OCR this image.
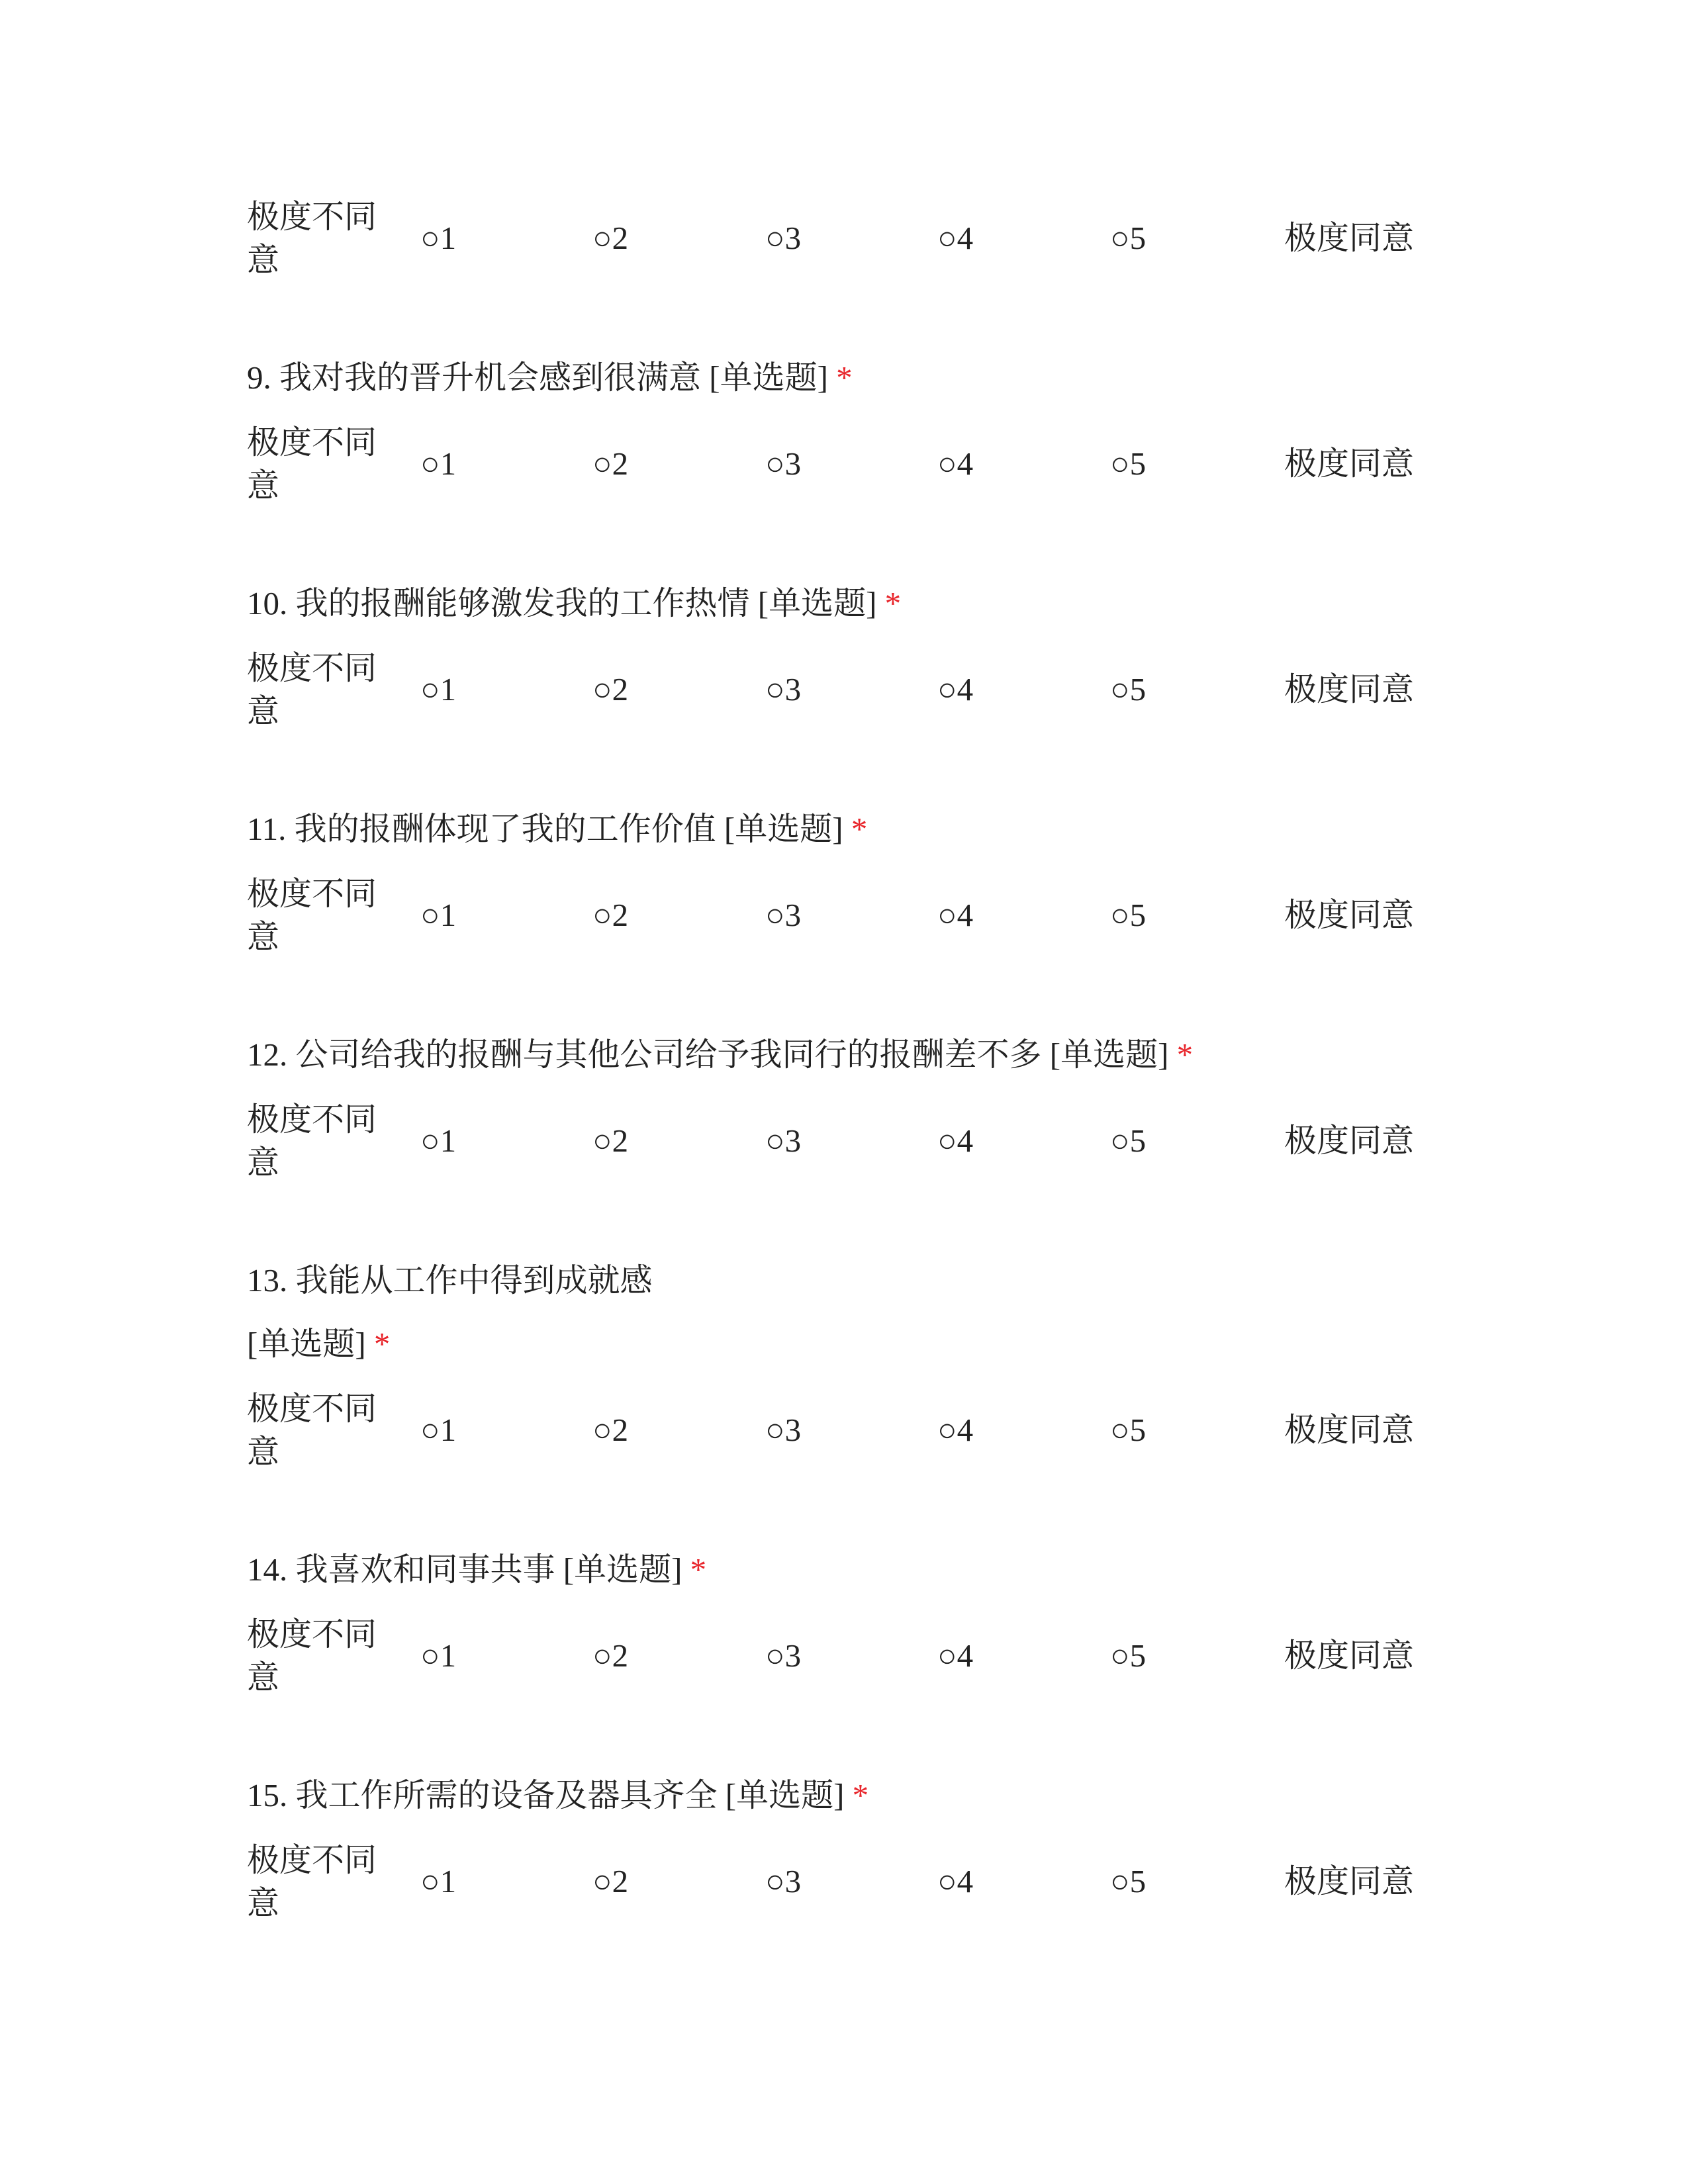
极度不同意
○1	○2	○3	○4	○5	极度同意
9. 我对我的晋升机会感到很满意 [单选题] *
极度不同意
○1	○2	○3	○4	○5	极度同意
10. 我的报酬能够激发我的工作热情 [单选题] *
极度不同意
○1	○2	○3	○4	○5	极度同意
11. 我的报酬体现了我的工作价值 [单选题] *
极度不同意
○1	○2	○3	○4	○5	极度同意
12. 公司给我的报酬与其他公司给予我同行的报酬差不多 [单选题] *
极度不同意
○1	○2	○3	○4	○5	极度同意
13. 我能从工作中得到成就感
[单选题] *
极度不同意
○1	○2	○3	○4	○5	极度同意
14. 我喜欢和同事共事 [单选题] *
极度不同意
○1	○2	○3	○4	○5	极度同意
15. 我工作所需的设备及器具齐全 [单选题] *
极度不同意
○1	○2	○3	○4	○5	极度同意
